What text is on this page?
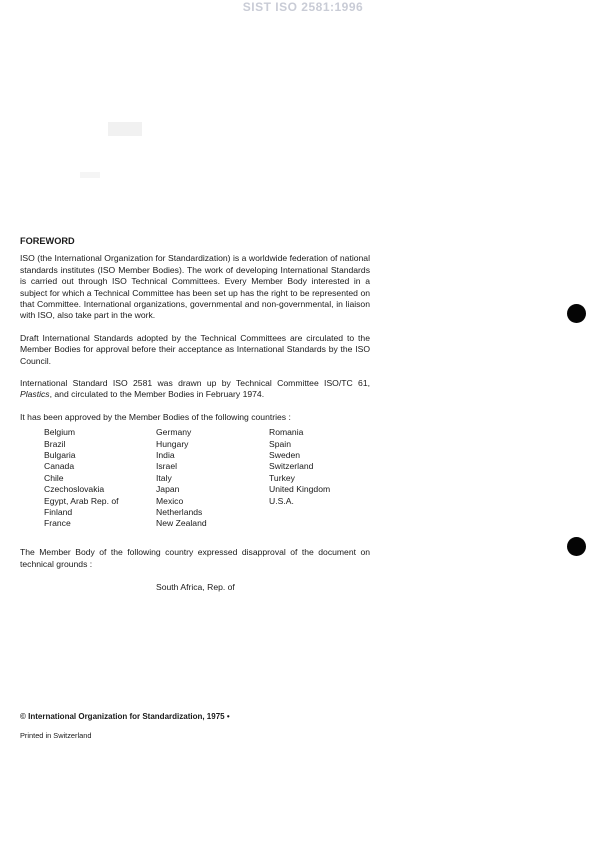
SIST ISO 2581:1996
FOREWORD

ISO (the International Organization for Standardization) is a worldwide federation of national standards institutes (ISO Member Bodies). The work of developing International Standards is carried out through ISO Technical Committees. Every Member Body interested in a subject for which a Technical Committee has been set up has the right to be represented on that Committee. International organizations, governmental and non-governmental, in liaison with ISO, also take part in the work.

Draft International Standards adopted by the Technical Committees are circulated to the Member Bodies for approval before their acceptance as International Standards by the ISO Council.

International Standard ISO 2581 was drawn up by Technical Committee ISO/TC 61, Plastics, and circulated to the Member Bodies in February 1974.

It has been approved by the Member Bodies of the following countries :

Belgium
Brazil
Bulgaria
Canada
Chile
Czechoslovakia
Egypt, Arab Rep. of
Finland
France
Germany
Hungary
India
Israel
Italy
Japan
Mexico
Netherlands
New Zealand
Romania
Spain
Sweden
Switzerland
Turkey
United Kingdom
U.S.A.

The Member Body of the following country expressed disapproval of the document on technical grounds :

South Africa, Rep. of
© International Organization for Standardization, 1975 •
Printed in Switzerland
